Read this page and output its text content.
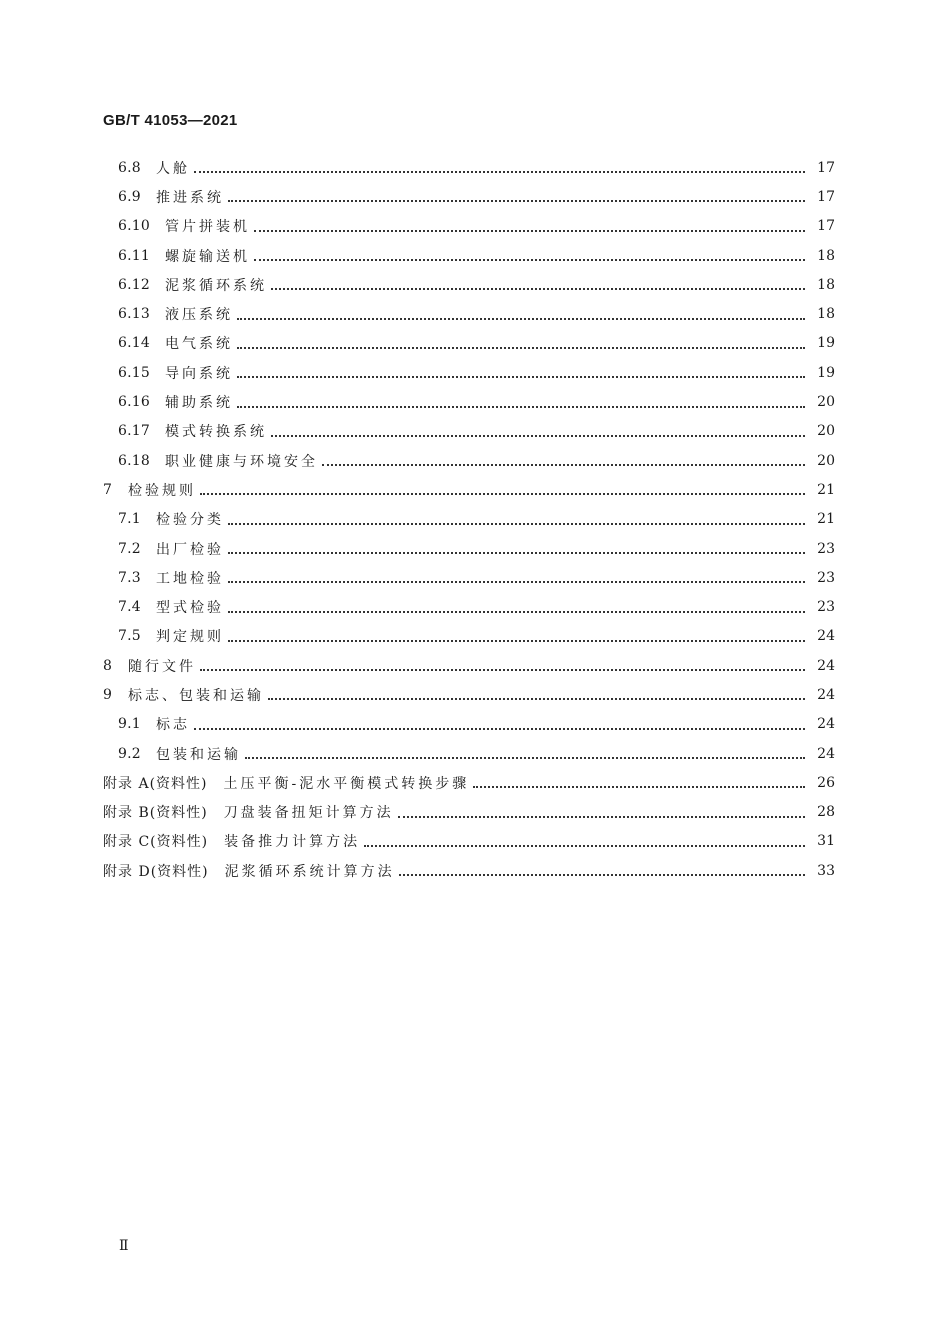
GB/T 41053—2021
6.8	人舱	17
6.9	推进系统	17
6.10	管片拼装机	17
6.11	螺旋输送机	18
6.12	泥浆循环系统	18
6.13	液压系统	18
6.14	电气系统	19
6.15	导向系统	19
6.16	辅助系统	20
6.17	模式转换系统	20
6.18	职业健康与环境安全	20
7	检验规则	21
7.1	检验分类	21
7.2	出厂检验	23
7.3	工地检验	23
7.4	型式检验	23
7.5	判定规则	24
8	随行文件	24
9	标志、包装和运输	24
9.1	标志	24
9.2	包装和运输	24
附录 A (资料性) 土压平衡-泥水平衡模式转换步骤	26
附录 B (资料性) 刀盘装备扭矩计算方法	28
附录 C (资料性) 装备推力计算方法	31
附录 D (资料性) 泥浆循环系统计算方法	33
Ⅱ
